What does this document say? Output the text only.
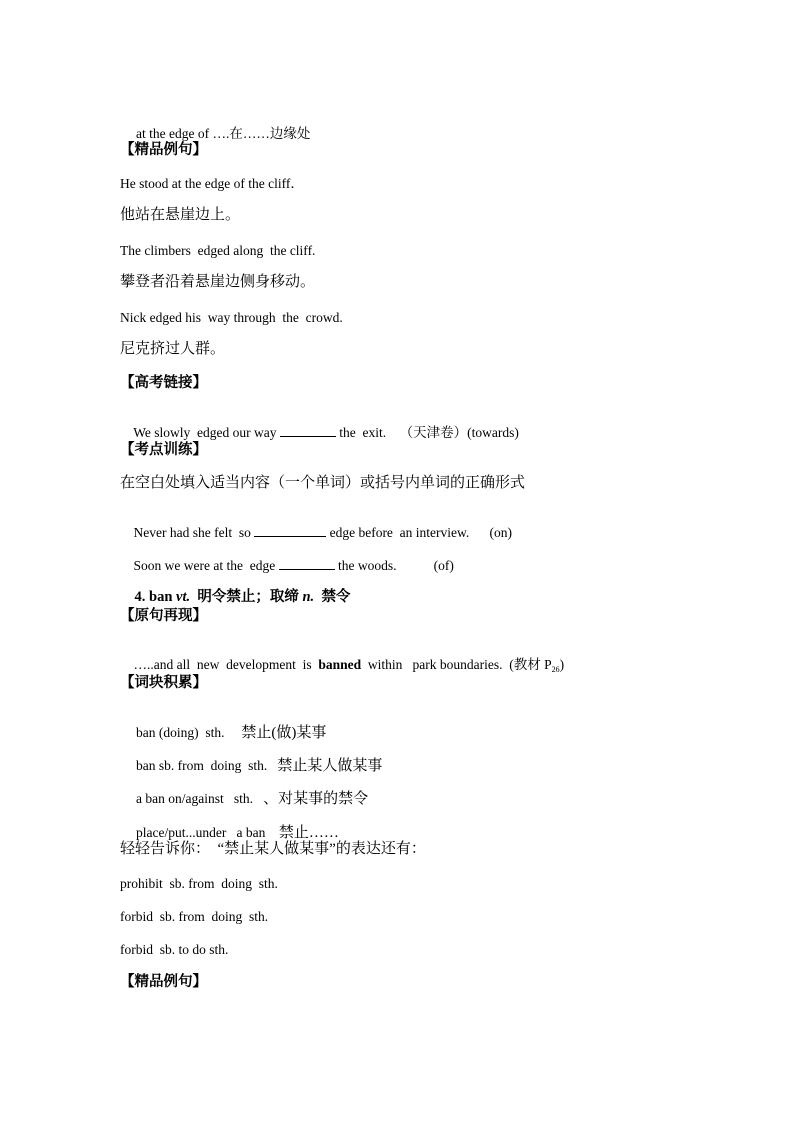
at the edge of ….在……边缘处

【精品例句】
He stood at the edge of the cliff．
他站在悬崖边上。
The climbers  edged along  the cliff.
攀登者沿着悬崖边侧身移动。
Nick edged his  way through  the  crowd.
尼克挤过人群。
【高考链接】

We slowly  edged our way	the  exit.    （天津卷）(towards)

【考点训练】
在空白处填入适当内容（一个单词）或括号内单词的正确形式

Never had she felt  so	edge before  an interview.      (on)

Soon we were at the  edge	the woods.           (of)

4. ban vt.  明令禁止；取缔 n.  禁令

【原句再现】

…..and all  new  development  is  banned  within   park boundaries.  (教材 $P_{26}$)

【词块积累】

ban (doing)  sth.     禁止(做)某事

ban sb. from  doing  sth.   禁止某人做某事

a ban on/against   sth.   、对某事的禁令

place/put...under   a ban    禁止……

轻轻告诉你：  “禁止某人做某事”的表达还有：
prohibit  sb. from  doing  sth.
forbid  sb. from  doing  sth.
forbid  sb. to do sth.
【精品例句】
